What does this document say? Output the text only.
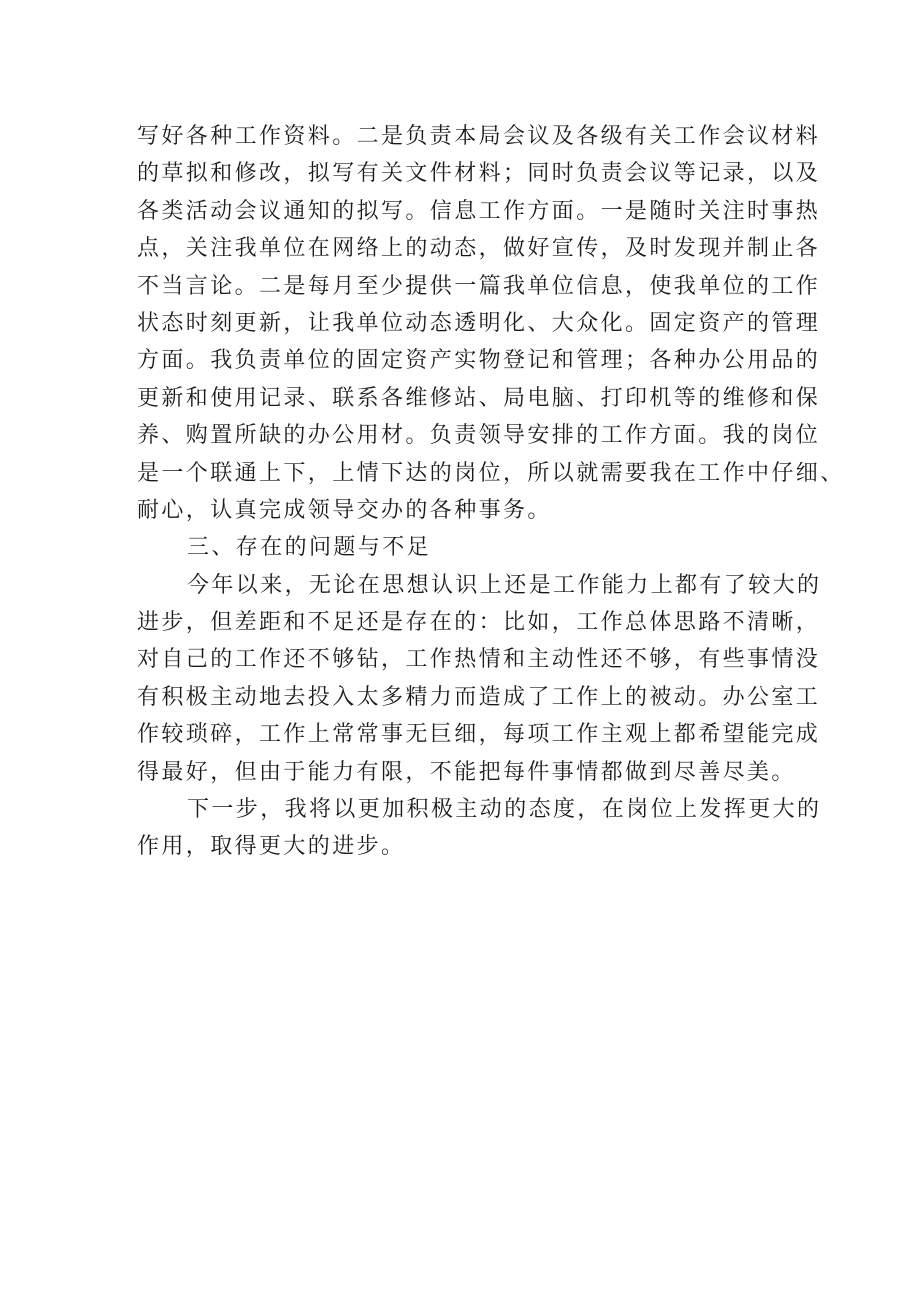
写好各种工作资料。二是负责本局会议及各级有关工作会议材料
的草拟和修改，拟写有关文件材料；同时负责会议等记录，以及
各类活动会议通知的拟写。信息工作方面。一是随时关注时事热
点，关注我单位在网络上的动态，做好宣传，及时发现并制止各
不当言论。二是每月至少提供一篇我单位信息，使我单位的工作
状态时刻更新，让我单位动态透明化、大众化。固定资产的管理
方面。我负责单位的固定资产实物登记和管理；各种办公用品的
更新和使用记录、联系各维修站、局电脑、打印机等的维修和保
养、购置所缺的办公用材。负责领导安排的工作方面。我的岗位
是一个联通上下，上情下达的岗位，所以就需要我在工作中仔细、
耐心，认真完成领导交办的各种事务。
三、存在的问题与不足
今年以来，无论在思想认识上还是工作能力上都有了较大的
进步，但差距和不足还是存在的：比如，工作总体思路不清晰，
对自己的工作还不够钻，工作热情和主动性还不够，有些事情没
有积极主动地去投入太多精力而造成了工作上的被动。办公室工
作较琐碎，工作上常常事无巨细，每项工作主观上都希望能完成
得最好，但由于能力有限，不能把每件事情都做到尽善尽美。
下一步，我将以更加积极主动的态度，在岗位上发挥更大的
作用，取得更大的进步。
